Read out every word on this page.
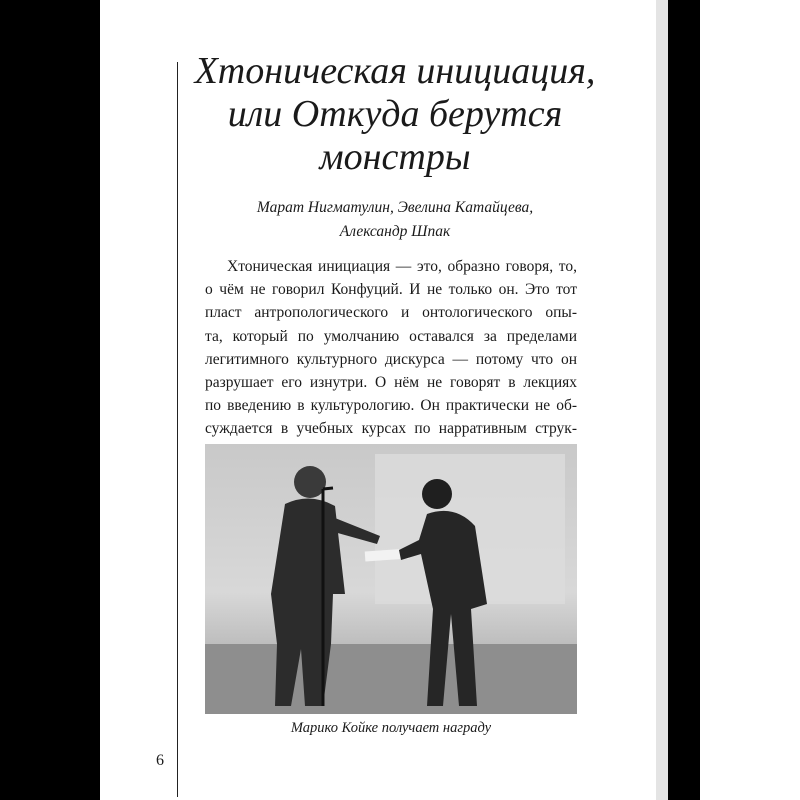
Хтоническая инициация,
или Откуда берутся
монстры
Марат Нигматулин, Эвелина Катайцева,
Александр Шпак
Хтоническая инициация — это, образно говоря, то,
о чём не говорил Конфуций. И не только он. Это тот
пласт антропологического и онтологического опы-
та, который по умолчанию оставался за пределами
легитимного культурного дискурса — потому что он
разрушает его изнутри. О нём не говорят в лекциях
по введению в культурологию. Он практически не об-
суждается в учебных курсах по нарративным струк-
Марико Койке получает награду
6
